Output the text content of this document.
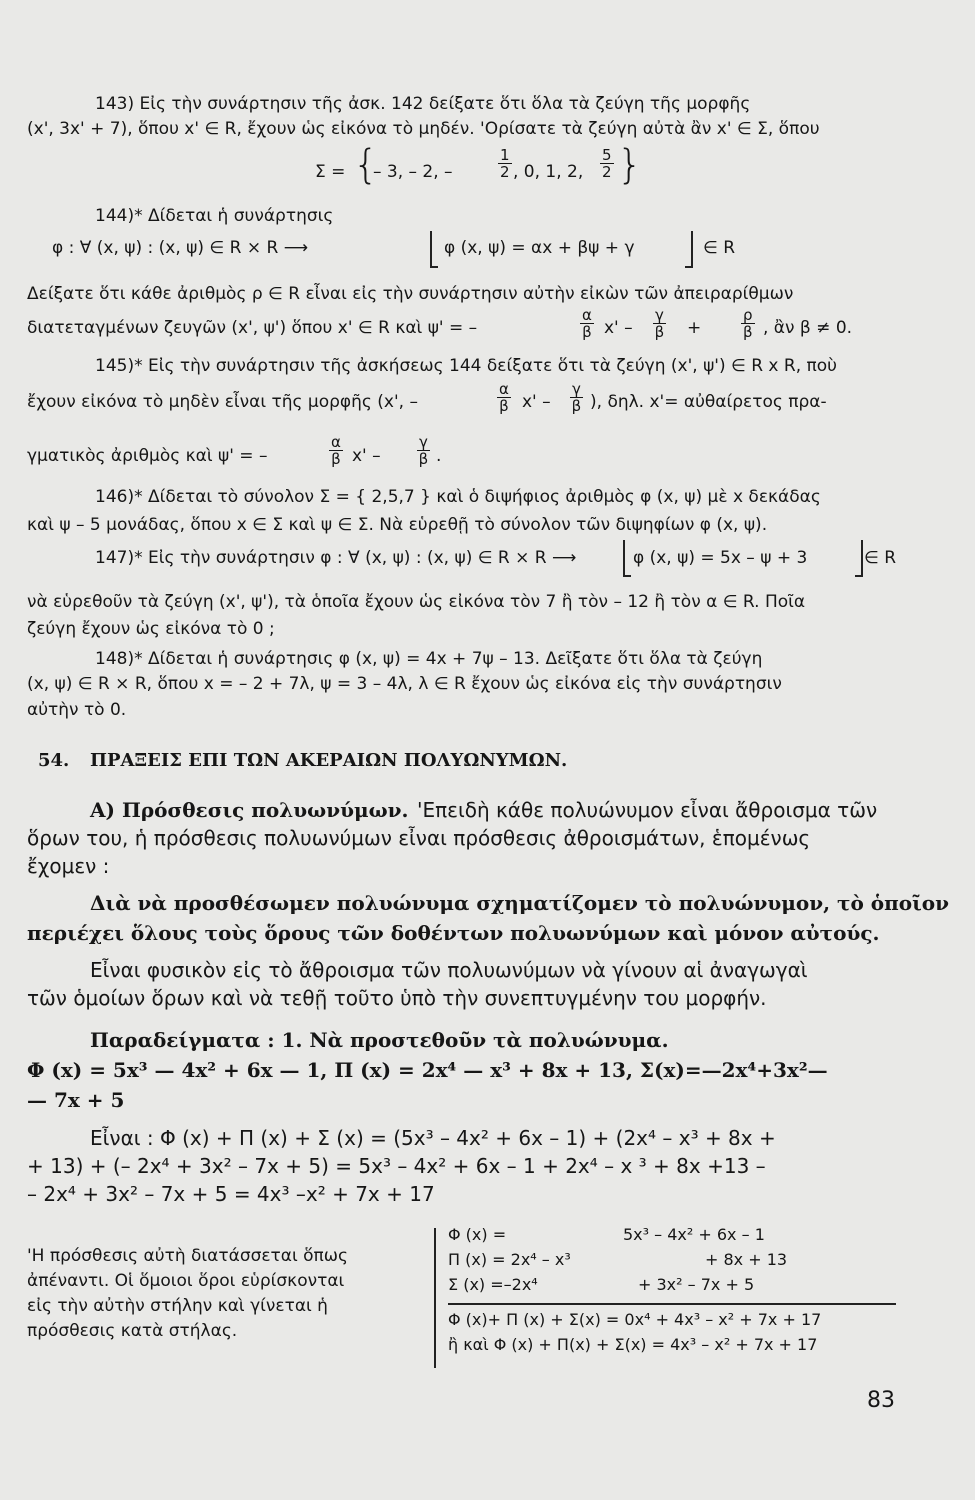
143) Εἰς τὴν συνάρτησιν τῆς ἀσκ. 142 δείξατε ὅτι ὅλα τὰ ζεύγη τῆς μορφῆς
(x', 3x' + 7), ὅπου x' ∈ R, ἔχουν ὡς εἰκόνα τὸ μηδέν. 'Ορίσατε τὰ ζεύγη αὐτὰ ἂν x' ∈ Σ, ὅπου
Σ = {
– 3, – 2, –	$\frac{1}{2}$ , 0, 1, 2, $\frac{5}{2}$ }
144)* Δίδεται ἡ συνάρτησις
φ : ∀ (x, ψ) : (x, ψ) ∈ R × R ⟶	φ (x, ψ) = αx + βψ + γ	∈ R
Δείξατε ὅτι κάθε ἀριθμὸς ρ ∈ R εἶναι εἰς τὴν συνάρτησιν αὐτὴν εἰκὼν τῶν ἀπειραρίθμων
διατεταγμένων ζευγῶν (x', ψ') ὅπου x' ∈ R καὶ ψ' = –	$\frac{\alpha}{\beta} x' - \frac{\gamma}{\beta}$ +	$\frac{\rho}{\beta}$ , ἂν β ≠ 0.
145)* Εἰς τὴν συνάρτησιν τῆς ἀσκήσεως 144 δείξατε ὅτι τὰ ζεύγη (x', ψ') ∈ R x R, ποὺ
ἔχουν εἰκόνα τὸ μηδὲν εἶναι τῆς μορφῆς (x', –	$\frac{\alpha}{\beta} x' - \frac{\gamma}{\beta}$ ), δηλ. x'= αὐθαίρετος πρα-
γματικὸς ἀριθμὸς καὶ ψ' = –	$\frac{\alpha}{\beta} x' - \frac{\gamma}{\beta}$ .
146)* Δίδεται τὸ σύνολον Σ = { 2,5,7 } καὶ ὁ διψήφιος ἀριθμὸς φ (x, ψ) μὲ x δεκάδας
καὶ ψ – 5 μονάδας, ὅπου x ∈ Σ καὶ ψ ∈ Σ. Νὰ εὑρεθῇ τὸ σύνολον τῶν διψηφίων φ (x, ψ).
147)* Εἰς τὴν συνάρτησιν φ : ∀ (x, ψ) : (x, ψ) ∈ R × R ⟶	φ (x, ψ) = 5x – ψ + 3	∈ R
νὰ εὑρεθοῦν τὰ ζεύγη (x', ψ'), τὰ ὁποῖα ἔχουν ὡς εἰκόνα τὸν 7 ἢ τὸν – 12 ἢ τὸν α ∈ R. Ποῖα
ζεύγη ἔχουν ὡς εἰκόνα τὸ 0 ;
148)* Δίδεται ἡ συνάρτησις φ (x, ψ) = 4x + 7ψ – 13. Δεῖξατε ὅτι ὅλα τὰ ζεύγη
(x, ψ) ∈ R × R, ὅπου x = – 2 + 7λ, ψ = 3 – 4λ, λ ∈ R ἔχουν ὡς εἰκόνα εἰς τὴν συνάρτησιν
αὐτὴν τὸ 0.
54. ΠΡΑΞΕΙΣ ΕΠΙ ΤΩΝ ΑΚΕΡΑΙΩΝ ΠΟΛΥΩΝΥΜΩΝ.
Α) Πρόσθεσις πολυωνύμων. 'Επειδὴ κάθε πολυώνυμον εἶναι ἄθροισμα τῶν
ὅρων του, ἡ πρόσθεσις πολυωνύμων εἶναι πρόσθεσις ἀθροισμάτων, ἑπομένως
ἔχομεν :
Διὰ νὰ προσθέσωμεν πολυώνυμα σχηματίζομεν τὸ πολυώνυμον, τὸ ὁποῖον
περιέχει ὅλους τοὺς ὅρους τῶν δοθέντων πολυωνύμων καὶ μόνον αὐτούς.
Εἶναι φυσικὸν εἰς τὸ ἄθροισμα τῶν πολυωνύμων νὰ γίνουν αἱ ἀναγωγαὶ
τῶν ὁμοίων ὅρων καὶ νὰ τεθῇ τοῦτο ὑπὸ τὴν συνεπτυγμένην του μορφήν.
Παραδείγματα : 1. Νὰ προστεθοῦν τὰ πολυώνυμα.
Φ (x) = 5x³ — 4x² + 6x — 1, Π (x) = 2x⁴ — x³ + 8x + 13, Σ(x)=—2x⁴+3x²—
— 7x + 5
Εἶναι : Φ (x) + Π (x) + Σ (x) = (5x³ – 4x² + 6x – 1) + (2x⁴ – x³ + 8x +
+ 13) + (– 2x⁴ + 3x² – 7x + 5) = 5x³ – 4x² + 6x – 1 + 2x⁴ – x ³ + 8x +13 –
– 2x⁴ + 3x² – 7x + 5 = 4x³ –x² + 7x + 17
'Η πρόσθεσις αὐτὴ διατάσσεται ὅπως
ἀπέναντι. Οἱ ὅμοιοι ὅροι εὑρίσκονται
εἰς τὴν αὐτὴν στήλην καὶ γίνεται ἡ
πρόσθεσις κατὰ στήλας.
Φ (x) =	5x³ – 4x² + 6x – 1
Π (x) = 2x⁴ – x³	+ 8x + 13
Σ (x) =–2x⁴	+ 3x² – 7x + 5
Φ (x)+ Π (x) + Σ(x) = 0x⁴ + 4x³ – x² + 7x + 17
ἢ καὶ Φ (x) + Π(x) + Σ(x) = 4x³ – x² + 7x + 17
83
